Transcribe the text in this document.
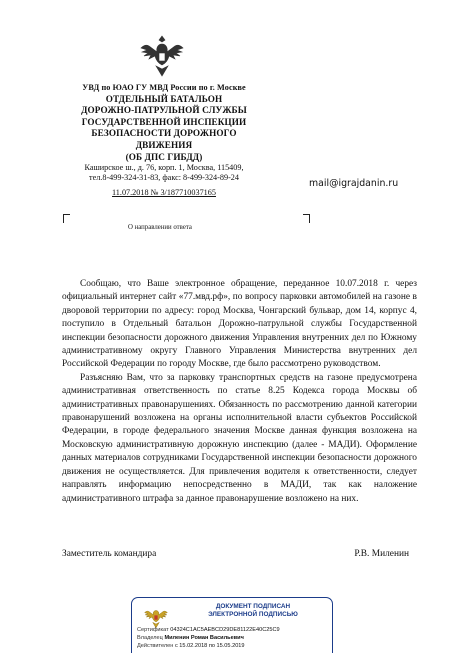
УВД по ЮАО ГУ МВД России по г. Москве
ОТДЕЛЬНЫЙ БАТАЛЬОН
ДОРОЖНО-ПАТРУЛЬНОЙ СЛУЖБЫ
ГОСУДАРСТВЕННОЙ ИНСПЕКЦИИ
БЕЗОПАСНОСТИ ДОРОЖНОГО
ДВИЖЕНИЯ
(ОБ ДПС ГИБДД)
Каширское ш., д. 76, корп. 1, Москва, 115409,
тел.8-499-324-31-83, факс: 8-499-324-89-24
11.07.2018 № 3/187710037165
mail@igrajdanin.ru
О направлении ответа

Сообщаю, что Ваше электронное обращение, переданное 10.07.2018 г. через официальный интернет сайт «77.мвд.рф», по вопросу парковки автомобилей на газоне в дворовой территории по адресу: город Москва, Чонгарский бульвар, дом 14, корпус 4, поступило в Отдельный батальон Дорожно-патрульной службы Государственной инспекции безопасности дорожного движения Управления внутренних дел по Южному административному округу Главного Управления Министерства внутренних дел Российской Федерации по городу Москве, где было рассмотрено руководством.

Разъясняю Вам, что за парковку транспортных средств на газоне предусмотрена административная ответственность по статье 8.25 Кодекса города Москвы об административных правонарушениях. Обязанность по рассмотрению данной категории правонарушений возложена на органы исполнительной власти субъектов Российской Федерации, в городе федерального значения Москве данная функция возложена на Московскую административную дорожную инспекцию (далее - МАДИ). Оформление данных материалов сотрудниками Государственной инспекции безопасности дорожного движения не осуществляется. Для привлечения водителя к ответственности, следует направлять информацию непосредственно в МАДИ, так как наложение административного штрафа за данное правонарушение возложено на них.

Заместитель командира	Р.В. Миленин
ДОКУМЕНТ ПОДПИСАН
ЭЛЕКТРОННОЙ ПОДПИСЬЮ
Сертификат 04324C1AC5AEBCD29DE81122E40C25C9
Владелец Миленин Роман Васильевич
Действителен с 15.02.2018 по 15.05.2019
